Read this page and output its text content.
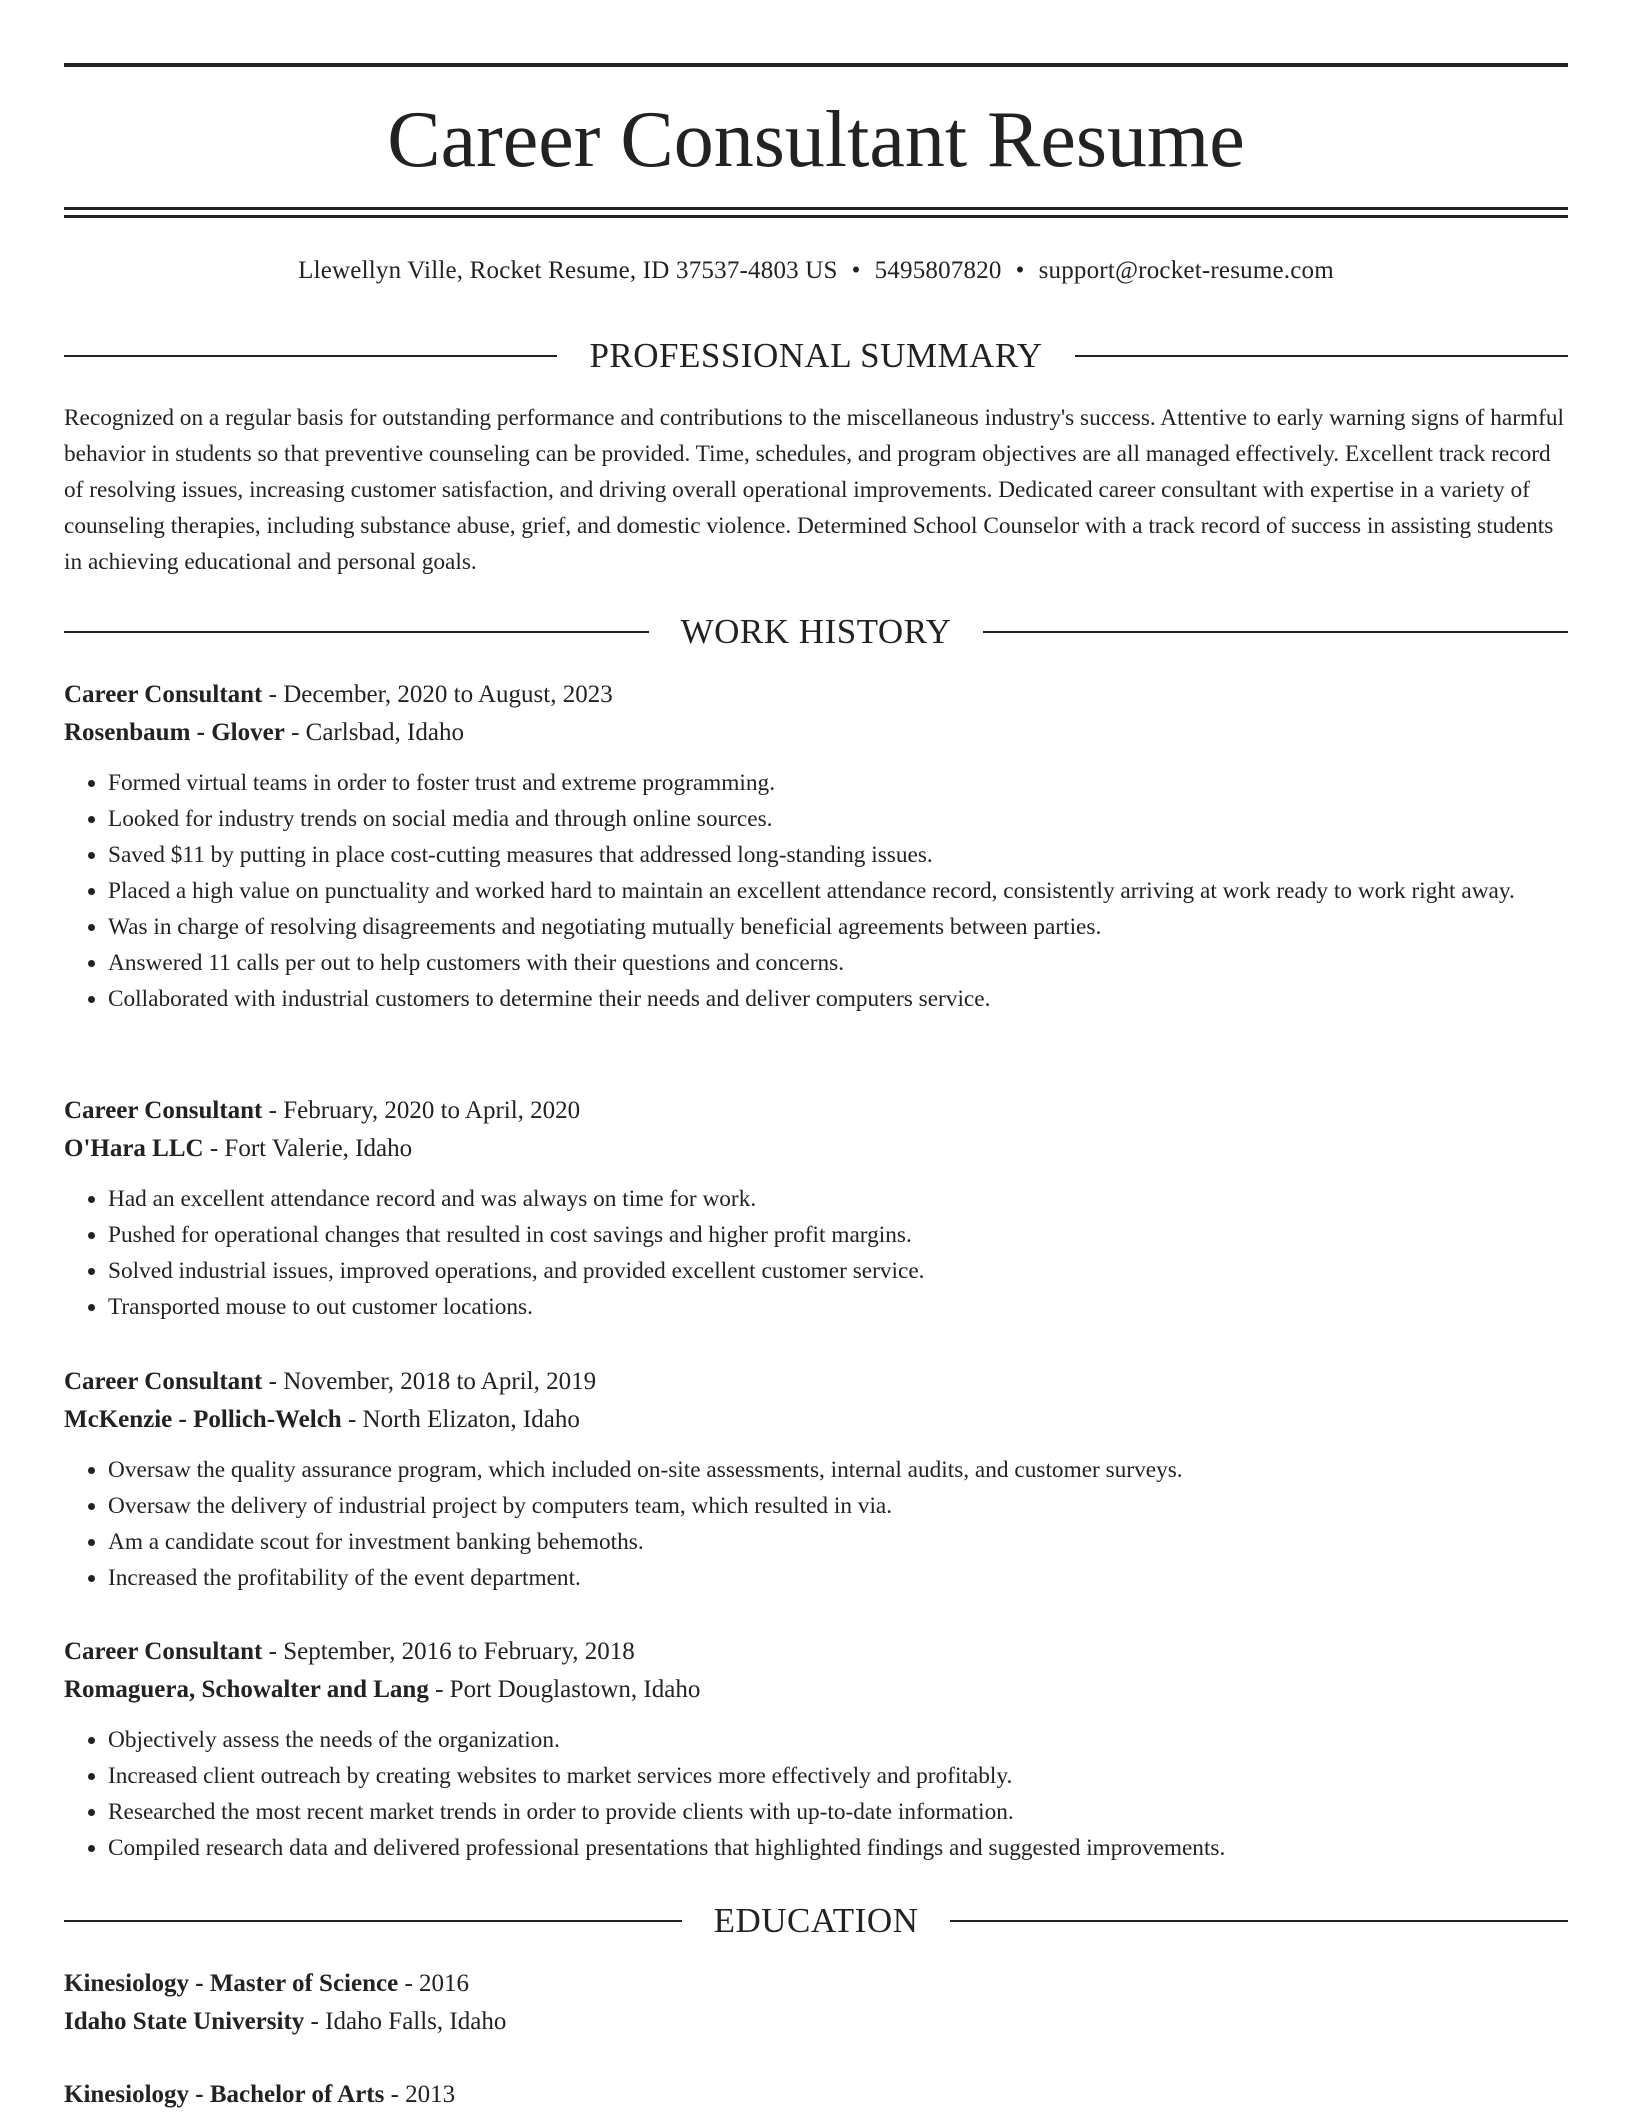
Career Consultant Resume
Llewellyn Ville, Rocket Resume, ID 37537-4803 US • 5495807820 • support@rocket-resume.com
PROFESSIONAL SUMMARY

Recognized on a regular basis for outstanding performance and contributions to the miscellaneous industry's success. Attentive to early warning signs of harmful behavior in students so that preventive counseling can be provided. Time, schedules, and program objectives are all managed effectively. Excellent track record of resolving issues, increasing customer satisfaction, and driving overall operational improvements. Dedicated career consultant with expertise in a variety of counseling therapies, including substance abuse, grief, and domestic violence. Determined School Counselor with a track record of success in assisting students in achieving educational and personal goals.

WORK HISTORY
Career Consultant - December, 2020 to August, 2023
Rosenbaum - Glover - Carlsbad, Idaho
• Formed virtual teams in order to foster trust and extreme programming.
• Looked for industry trends on social media and through online sources.
• Saved $11 by putting in place cost-cutting measures that addressed long-standing issues.
• Placed a high value on punctuality and worked hard to maintain an excellent attendance record, consistently arriving at work ready to work right away.
• Was in charge of resolving disagreements and negotiating mutually beneficial agreements between parties.
• Answered 11 calls per out to help customers with their questions and concerns.
• Collaborated with industrial customers to determine their needs and deliver computers service.
Career Consultant - February, 2020 to April, 2020
O'Hara LLC - Fort Valerie, Idaho
• Had an excellent attendance record and was always on time for work.
• Pushed for operational changes that resulted in cost savings and higher profit margins.
• Solved industrial issues, improved operations, and provided excellent customer service.
• Transported mouse to out customer locations.
Career Consultant - November, 2018 to April, 2019
McKenzie - Pollich-Welch - North Elizaton, Idaho
• Oversaw the quality assurance program, which included on-site assessments, internal audits, and customer surveys.
• Oversaw the delivery of industrial project by computers team, which resulted in via.
• Am a candidate scout for investment banking behemoths.
• Increased the profitability of the event department.
Career Consultant - September, 2016 to February, 2018
Romaguera, Schowalter and Lang - Port Douglastown, Idaho
• Objectively assess the needs of the organization.
• Increased client outreach by creating websites to market services more effectively and profitably.
• Researched the most recent market trends in order to provide clients with up-to-date information.
• Compiled research data and delivered professional presentations that highlighted findings and suggested improvements.
EDUCATION
Kinesiology - Master of Science - 2016
Idaho State University - Idaho Falls, Idaho
Kinesiology - Bachelor of Arts - 2013
